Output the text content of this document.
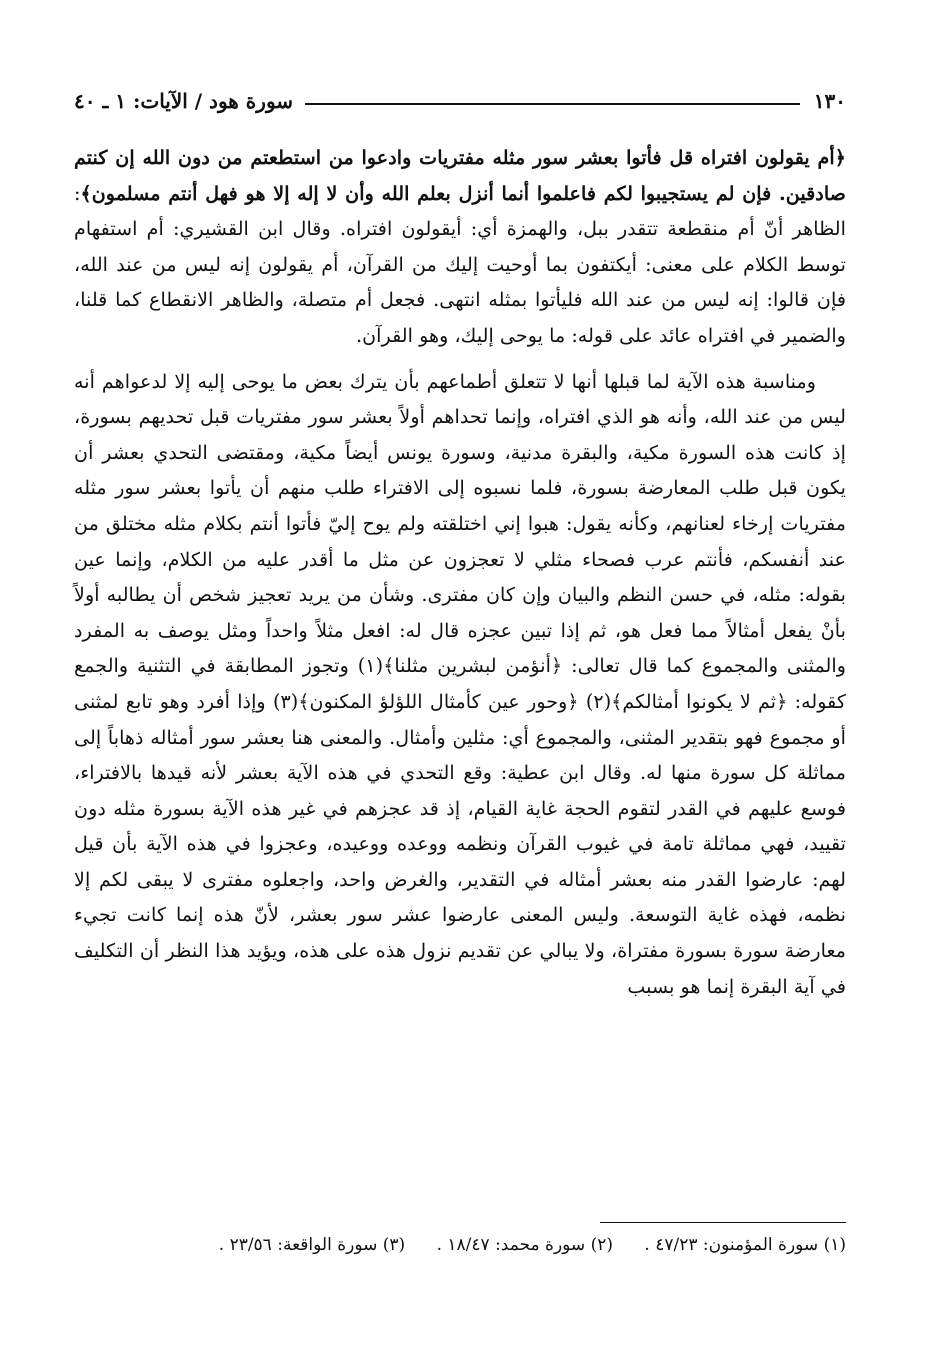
١٣٠
سورة هود / الآيات: ١ ـ ٤٠

﴿أم يقولون افتراه قل فأتوا بعشر سور مثله مفتريات وادعوا من استطعتم من دون الله إن كنتم صادقين. فإن لم يستجيبوا لكم فاعلموا أنما أنزل بعلم الله وأن لا إله إلا هو فهل أنتم مسلمون﴾: الظاهر أنّ أم منقطعة تتقدر ببل، والهمزة أي: أيقولون افتراه. وقال ابن القشيري: أم استفهام توسط الكلام على معنى: أيكتفون بما أوحيت إليك من القرآن، أم يقولون إنه ليس من عند الله، فإن قالوا: إنه ليس من عند الله فليأتوا بمثله انتهى. فجعل أم متصلة، والظاهر الانقطاع كما قلنا، والضمير في افتراه عائد على قوله: ما يوحى إليك، وهو القرآن.

ومناسبة هذه الآية لما قبلها أنها لا تتعلق أطماعهم بأن يترك بعض ما يوحى إليه إلا لدعواهم أنه ليس من عند الله، وأنه هو الذي افتراه، وإنما تحداهم أولاً بعشر سور مفتريات قبل تحديهم بسورة، إذ كانت هذه السورة مكية، والبقرة مدنية، وسورة يونس أيضاً مكية، ومقتضى التحدي بعشر أن يكون قبل طلب المعارضة بسورة، فلما نسبوه إلى الافتراء طلب منهم أن يأتوا بعشر سور مثله مفتريات إرخاء لعنانهم، وكأنه يقول: هبوا إني اختلقته ولم يوح إليّ فأتوا أنتم بكلام مثله مختلق من عند أنفسكم، فأنتم عرب فصحاء مثلي لا تعجزون عن مثل ما أقدر عليه من الكلام، وإنما عين بقوله: مثله، في حسن النظم والبيان وإن كان مفترى. وشأن من يريد تعجيز شخص أن يطالبه أولاً بأنْ يفعل أمثالاً مما فعل هو، ثم إذا تبين عجزه قال له: افعل مثلاً واحداً ومثل يوصف به المفرد والمثنى والمجموع كما قال تعالى: ﴿أنؤمن لبشرين مثلنا﴾(١) وتجوز المطابقة في التثنية والجمع كقوله: ﴿ثم لا يكونوا أمثالكم﴾(٢) ﴿وحور عين كأمثال اللؤلؤ المكنون﴾(٣) وإذا أفرد وهو تابع لمثنى أو مجموع فهو بتقدير المثنى، والمجموع أي: مثلين وأمثال. والمعنى هنا بعشر سور أمثاله ذهاباً إلى مماثلة كل سورة منها له. وقال ابن عطية: وقع التحدي في هذه الآية بعشر لأنه قيدها بالافتراء، فوسع عليهم في القدر لتقوم الحجة غاية القيام، إذ قد عجزهم في غير هذه الآية بسورة مثله دون تقييد، فهي مماثلة تامة في غيوب القرآن ونظمه ووعده ووعيده، وعجزوا في هذه الآية بأن قيل لهم: عارضوا القدر منه بعشر أمثاله في التقدير، والغرض واحد، واجعلوه مفترى لا يبقى لكم إلا نظمه، فهذه غاية التوسعة. وليس المعنى عارضوا عشر سور بعشر، لأنّ هذه إنما كانت تجيء معارضة سورة بسورة مفتراة، ولا يبالي عن تقديم نزول هذه على هذه، ويؤيد هذا النظر أن التكليف في آية البقرة إنما هو بسبب

(١) سورة المؤمنون: ٤٧/٢٣ . (٢) سورة محمد: ١٨/٤٧ . (٣) سورة الواقعة: ٢٣/٥٦ .
